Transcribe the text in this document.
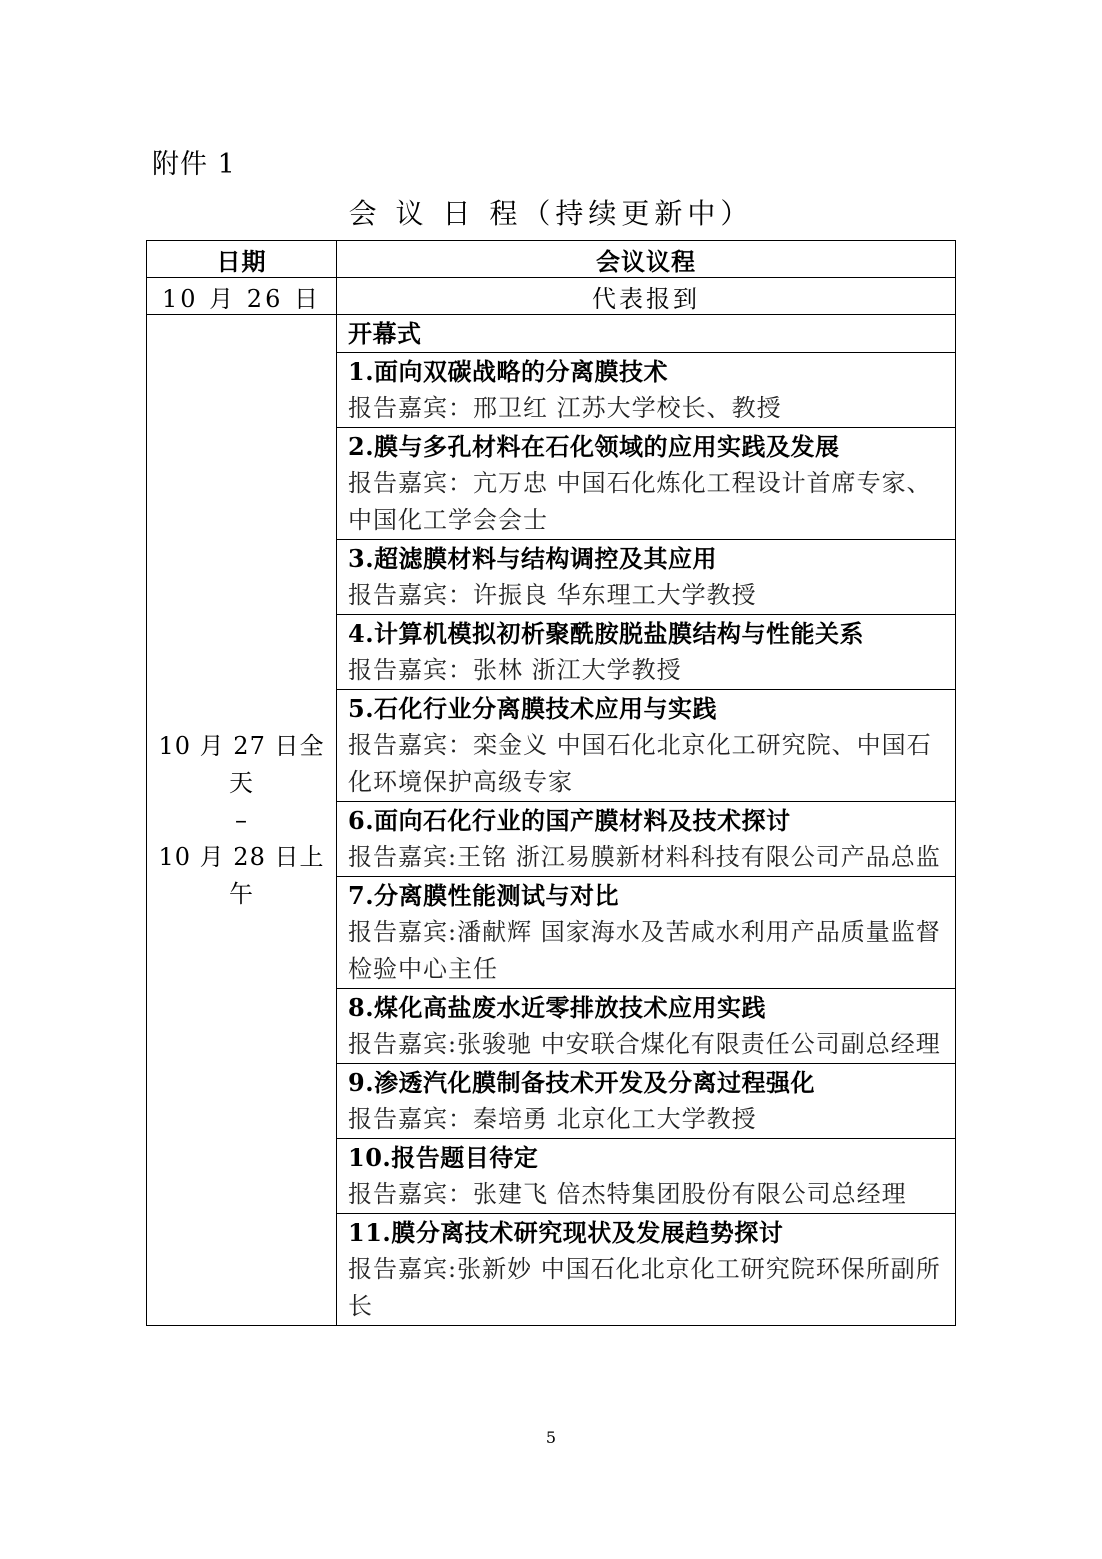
附件 1
会 议 日 程（持续更新中）
日期	会议议程
10 月 26 日	代表报到

10 月 27 日全天
–
10 月 28 日上午	开幕式

	1.面向双碳战略的分离膜技术
报告嘉宾：邢卫红 江苏大学校长、教授

	2.膜与多孔材料在石化领域的应用实践及发展
报告嘉宾：亢万忠 中国石化炼化工程设计首席专家、中国化工学会会士

	3.超滤膜材料与结构调控及其应用
报告嘉宾：许振良 华东理工大学教授

	4.计算机模拟初析聚酰胺脱盐膜结构与性能关系
报告嘉宾：张林 浙江大学教授

	5.石化行业分离膜技术应用与实践
报告嘉宾：栾金义 中国石化北京化工研究院、中国石化环境保护高级专家

	6.面向石化行业的国产膜材料及技术探讨
报告嘉宾:王铭 浙江易膜新材料科技有限公司产品总监

	7.分离膜性能测试与对比
报告嘉宾:潘献辉 国家海水及苦咸水利用产品质量监督检验中心主任

	8.煤化高盐废水近零排放技术应用实践
报告嘉宾:张骏驰 中安联合煤化有限责任公司副总经理

	9.渗透汽化膜制备技术开发及分离过程强化
报告嘉宾：秦培勇 北京化工大学教授

	10.报告题目待定
报告嘉宾：张建飞 倍杰特集团股份有限公司总经理

	11.膜分离技术研究现状及发展趋势探讨
报告嘉宾:张新妙 中国石化北京化工研究院环保所副所长
5
